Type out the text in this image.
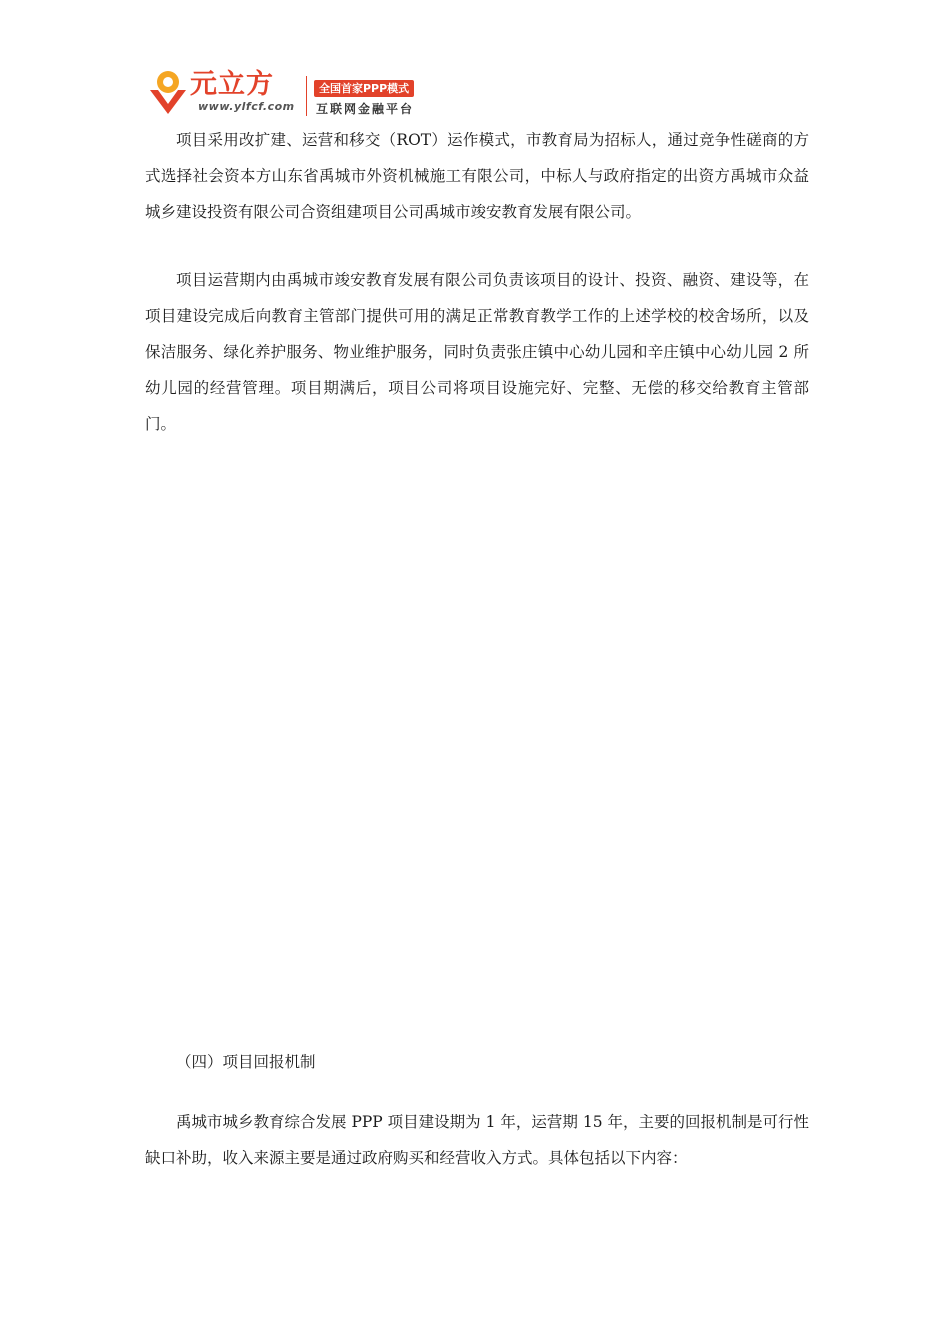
元立方
www.ylfcf.com
全国首家PPP模式
互联网金融平台

项目采用改扩建、运营和移交（ROT）运作模式，市教育局为招标人，通过竞争性磋商的方式选择社会资本方山东省禹城市外资机械施工有限公司，中标人与政府指定的出资方禹城市众益城乡建设投资有限公司合资组建项目公司禹城市竣安教育发展有限公司。

项目运营期内由禹城市竣安教育发展有限公司负责该项目的设计、投资、融资、建设等，在项目建设完成后向教育主管部门提供可用的满足正常教育教学工作的上述学校的校舍场所，以及保洁服务、绿化养护服务、物业维护服务，同时负责张庄镇中心幼儿园和辛庄镇中心幼儿园 2 所幼儿园的经营管理。项目期满后，项目公司将项目设施完好、完整、无偿的移交给教育主管部门。

（四）项目回报机制

禹城市城乡教育综合发展 PPP 项目建设期为 1 年，运营期 15 年，主要的回报机制是可行性缺口补助，收入来源主要是通过政府购买和经营收入方式。具体包括以下内容：
